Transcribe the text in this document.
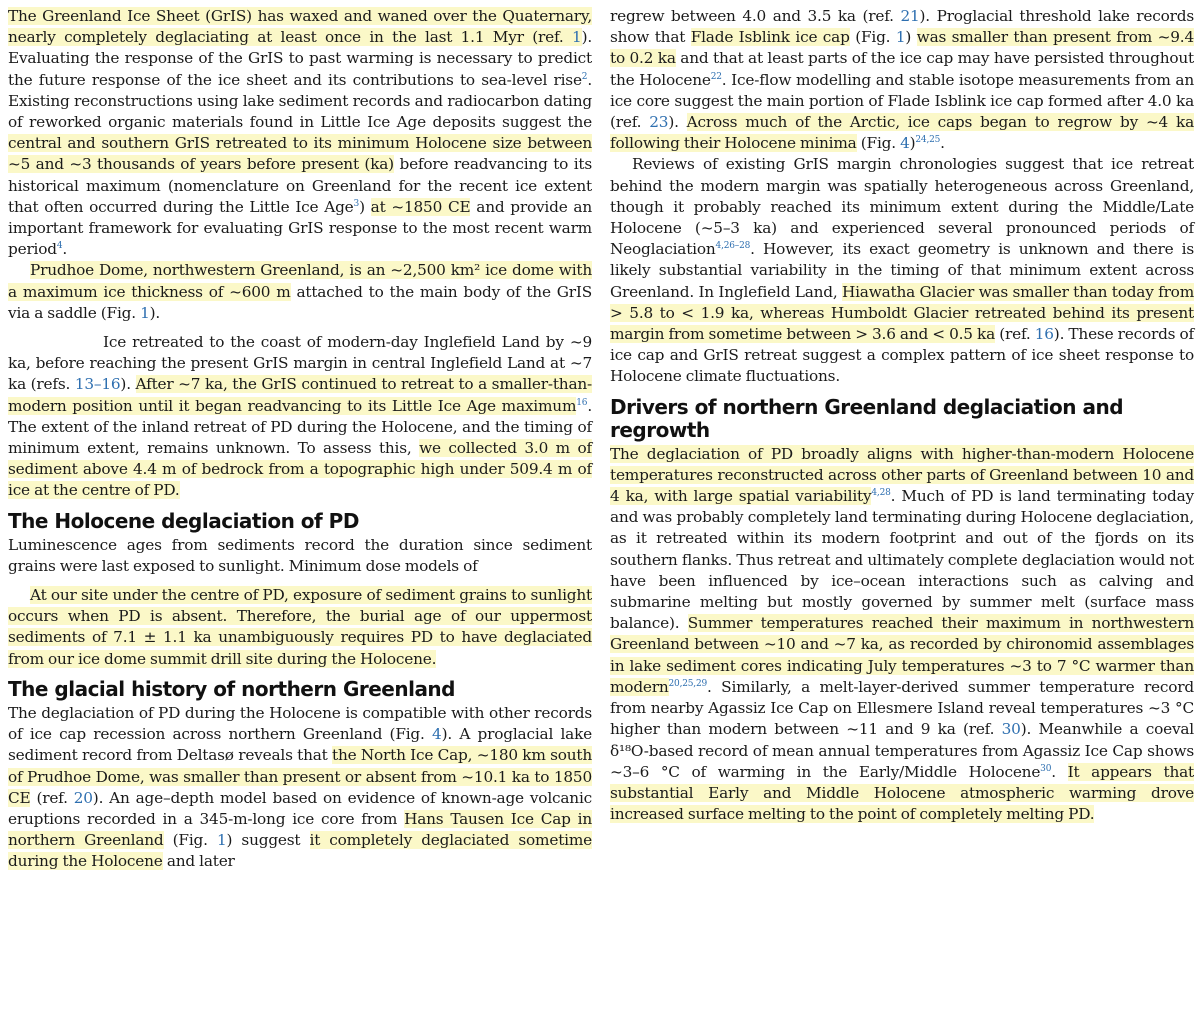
The Greenland Ice Sheet (GrIS) has waxed and waned over the Quaternary, nearly completely deglaciating at least once in the last 1.1 Myr (ref. 1). Evaluating the response of the GrIS to past warming is necessary to predict the future response of the ice sheet and its contributions to sea-level rise$^2$. Existing reconstructions using lake sediment records and radiocarbon dating of reworked organic materials found in Little Ice Age deposits suggest the central and southern GrIS retreated to its minimum Holocene size between ~5 and ~3 thousands of years before present (ka) before readvancing to its historical maximum (nomenclature on Greenland for the recent ice extent that often occurred during the Little Ice Age$^3$) at ~1850 CE and provide an important framework for evaluating GrIS response to the most recent warm period$^4$.

Prudhoe Dome, northwestern Greenland, is an ~2,500 km² ice dome with a maximum ice thickness of ~600 m attached to the main body of the GrIS via a saddle (Fig. 1).

Ice retreated to the coast of modern-day Inglefield Land by ~9 ka, before reaching the present GrIS margin in central Inglefield Land at ~7 ka (refs. 13–16). After ~7 ka, the GrIS continued to retreat to a smaller-than-modern position until it began readvancing to its Little Ice Age maximum$^{16}$. The extent of the inland retreat of PD during the Holocene, and the timing of minimum extent, remains unknown. To assess this, we collected 3.0 m of sediment above 4.4 m of bedrock from a topographic high under 509.4 m of ice at the centre of PD.

The Holocene deglaciation of PD

Luminescence ages from sediments record the duration since sediment grains were last exposed to sunlight. Minimum dose models of

At our site under the centre of PD, exposure of sediment grains to sunlight occurs when PD is absent. Therefore, the burial age of our uppermost sediments of 7.1 ± 1.1 ka unambiguously requires PD to have deglaciated from our ice dome summit drill site during the Holocene.

The glacial history of northern Greenland

The deglaciation of PD during the Holocene is compatible with other records of ice cap recession across northern Greenland (Fig. 4). A proglacial lake sediment record from Deltasø reveals that the North Ice Cap, ~180 km south of Prudhoe Dome, was smaller than present or absent from ~10.1 ka to 1850 CE (ref. 20). An age–depth model based on evidence of known-age volcanic eruptions recorded in a 345-m-long ice core from Hans Tausen Ice Cap in northern Greenland (Fig. 1) suggest it completely deglaciated sometime during the Holocene and later

regrew between 4.0 and 3.5 ka (ref. 21). Proglacial threshold lake records show that Flade Isblink ice cap (Fig. 1) was smaller than present from ~9.4 to 0.2 ka and that at least parts of the ice cap may have persisted throughout the Holocene$^{22}$. Ice-flow modelling and stable isotope measurements from an ice core suggest the main portion of Flade Isblink ice cap formed after 4.0 ka (ref. 23). Across much of the Arctic, ice caps began to regrow by ~4 ka following their Holocene minima (Fig. 4)$^{24,25}$.

Reviews of existing GrIS margin chronologies suggest that ice retreat behind the modern margin was spatially heterogeneous across Greenland, though it probably reached its minimum extent during the Middle/Late Holocene (~5–3 ka) and experienced several pronounced periods of Neoglaciation$^{4,26-28}$. However, its exact geometry is unknown and there is likely substantial variability in the timing of that minimum extent across Greenland. In Inglefield Land, Hiawatha Glacier was smaller than today from > 5.8 to < 1.9 ka, whereas Humboldt Glacier retreated behind its present margin from sometime between > 3.6 and < 0.5 ka (ref. 16). These records of ice cap and GrIS retreat suggest a complex pattern of ice sheet response to Holocene climate fluctuations.

Drivers of northern Greenland deglaciation and regrowth

The deglaciation of PD broadly aligns with higher-than-modern Holocene temperatures reconstructed across other parts of Greenland between 10 and 4 ka, with large spatial variability$^{4,28}$. Much of PD is land terminating today and was probably completely land terminating during Holocene deglaciation, as it retreated within its modern footprint and out of the fjords on its southern flanks. Thus retreat and ultimately complete deglaciation would not have been influenced by ice–ocean interactions such as calving and submarine melting but mostly governed by summer melt (surface mass balance). Summer temperatures reached their maximum in northwestern Greenland between ~10 and ~7 ka, as recorded by chironomid assemblages in lake sediment cores indicating July temperatures ~3 to 7 °C warmer than modern$^{20,25,29}$. Similarly, a melt-layer-derived summer temperature record from nearby Agassiz Ice Cap on Ellesmere Island reveal temperatures ~3 °C higher than modern between ~11 and 9 ka (ref. 30). Meanwhile a coeval δ¹⁸O-based record of mean annual temperatures from Agassiz Ice Cap shows ~3–6 °C of warming in the Early/Middle Holocene$^{30}$. It appears that substantial Early and Middle Holocene atmospheric warming drove increased surface melting to the point of completely melting PD.
